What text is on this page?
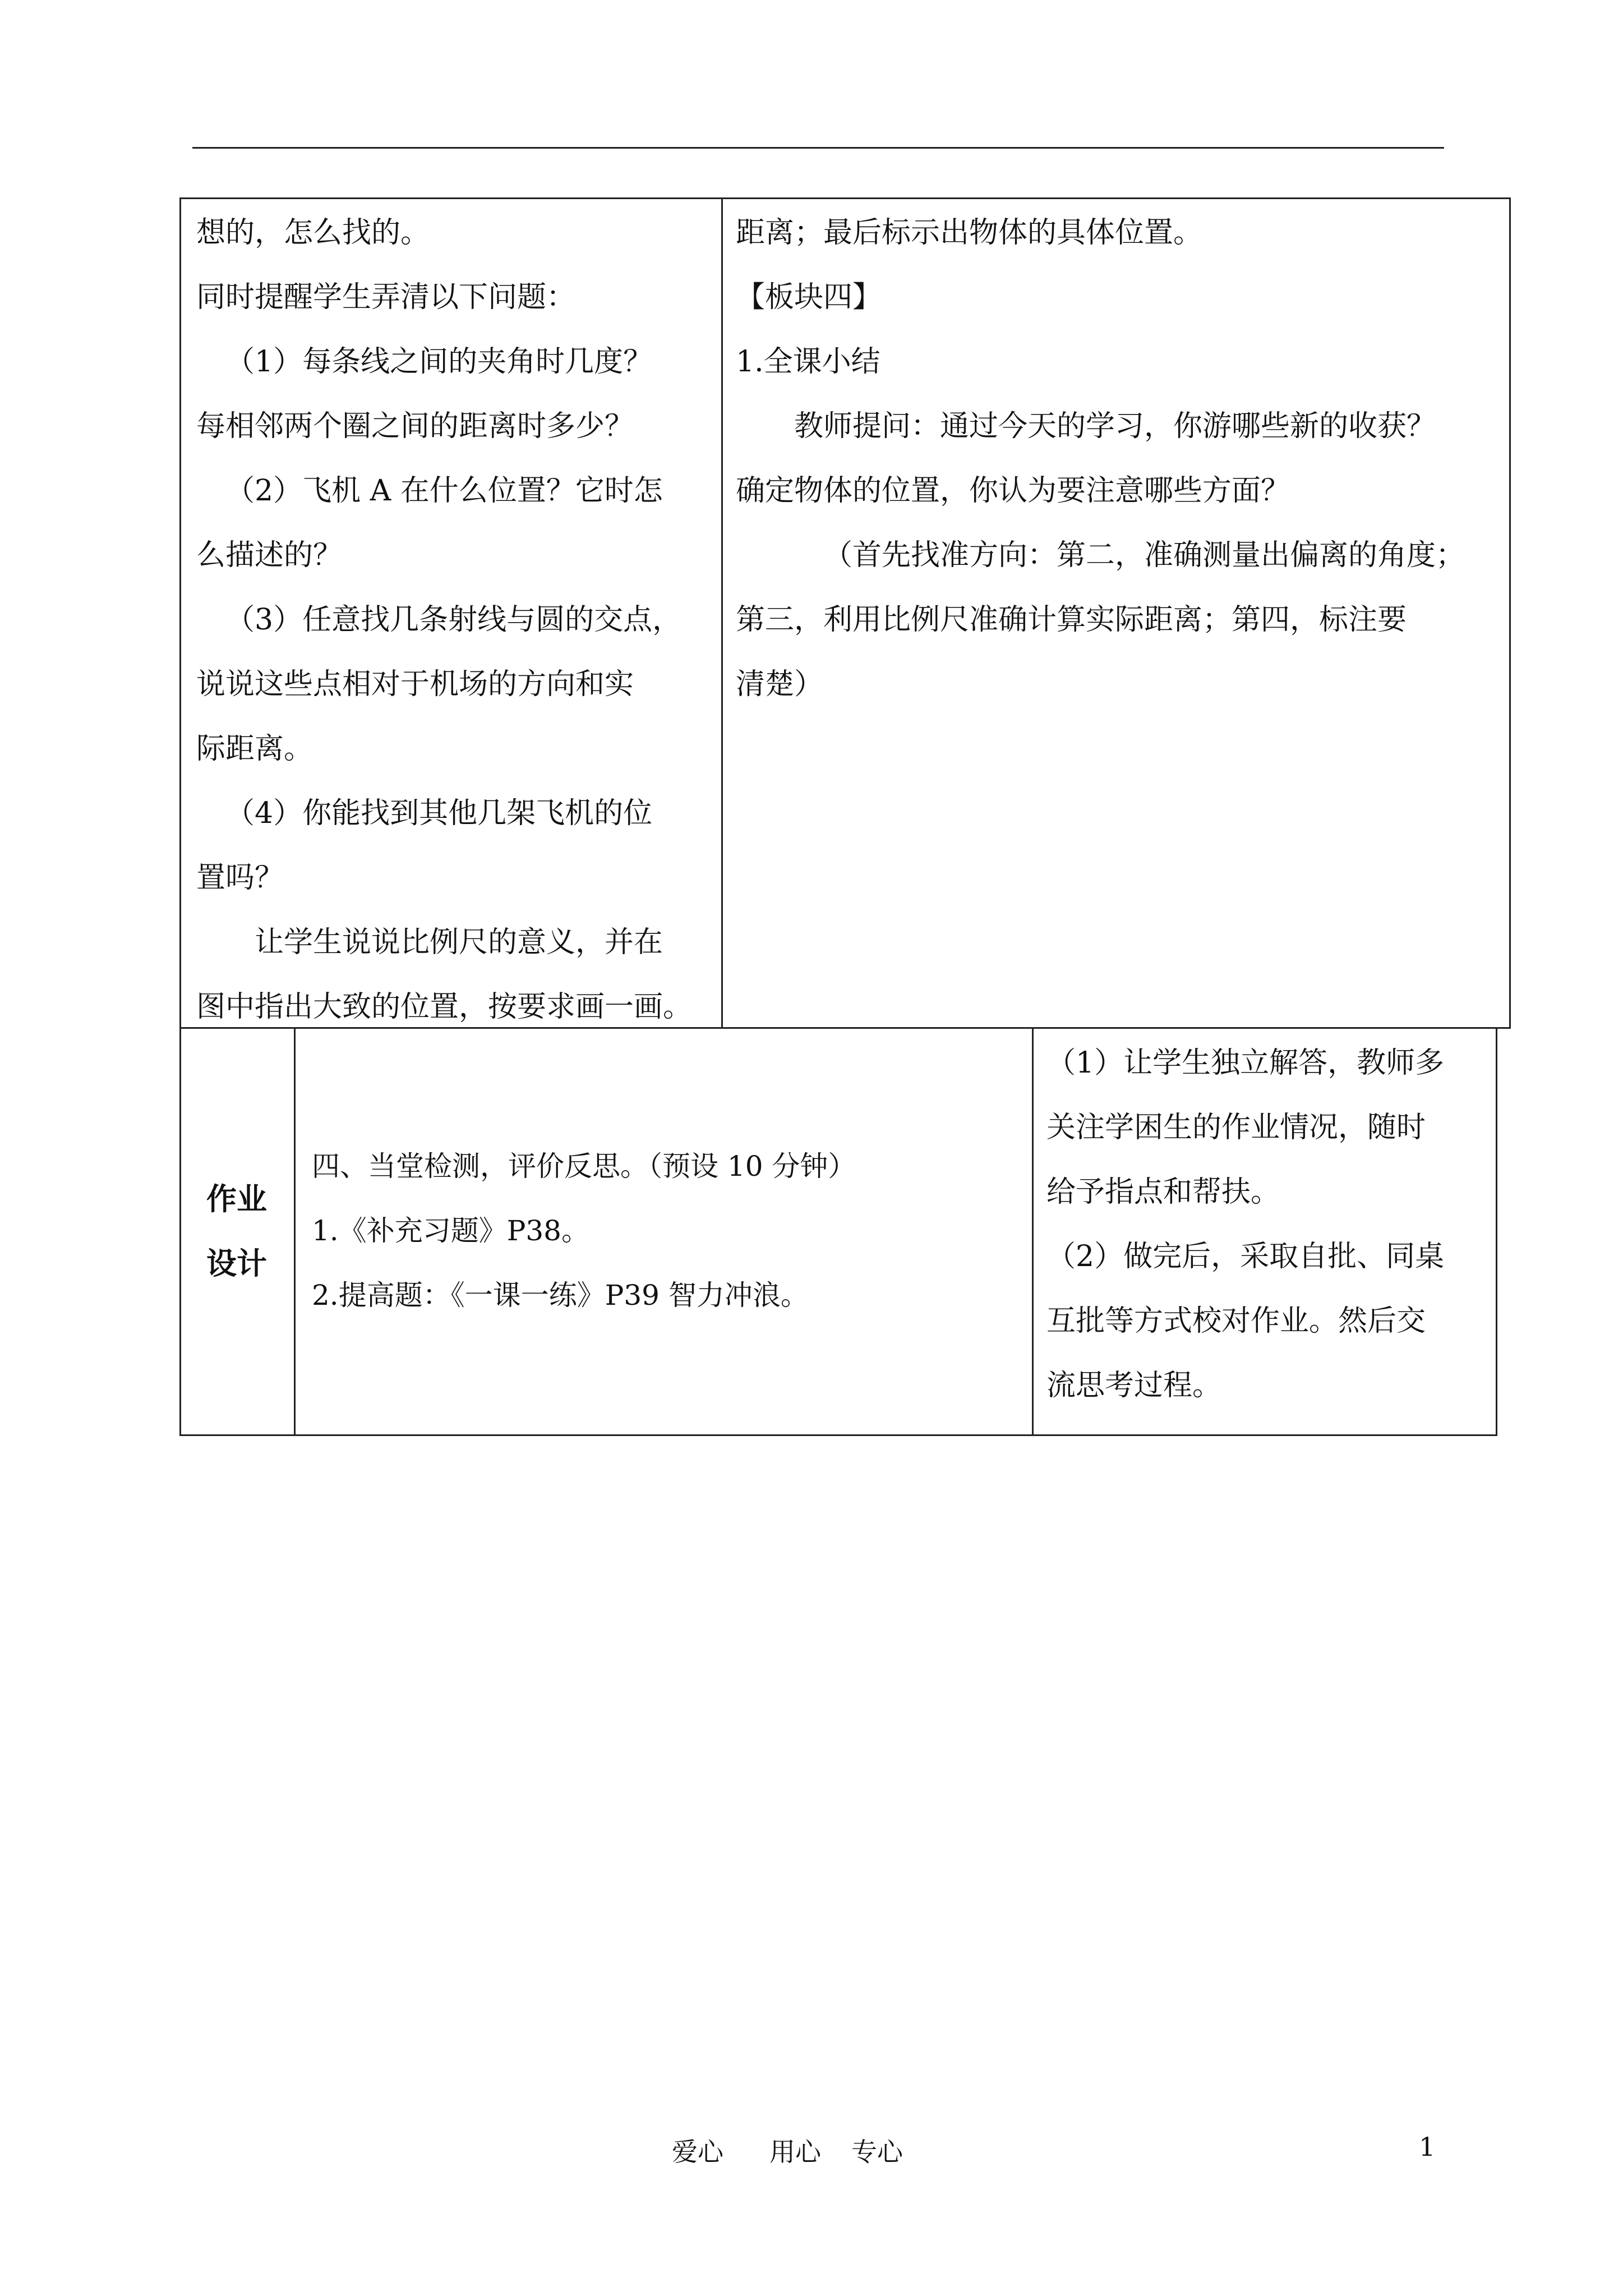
想的，怎么找的。

同时提醒学生弄清以下问题：

（1）每条线之间的夹角时几度？

每相邻两个圈之间的距离时多少？

（2）飞机 A 在什么位置？它时怎

么描述的？

（3）任意找几条射线与圆的交点，

说说这些点相对于机场的方向和实

际距离。

（4）你能找到其他几架飞机的位

置吗？

让学生说说比例尺的意义，并在

图中指出大致的位置，按要求画一画。

距离；最后标示出物体的具体位置。

【板块四】

1.全课小结

教师提问：通过今天的学习，你游哪些新的收获？

确定物体的位置，你认为要注意哪些方面？

（首先找准方向：第二，准确测量出偏离的角度；

第三，利用比例尺准确计算实际距离；第四，标注要

清楚）

作业
设计

四、当堂检测，评价反思。（预设 10 分钟）

1.《补充习题》P38。

2.提高题：《一课一练》P39 智力冲浪。

（1）让学生独立解答，教师多

关注学困生的作业情况，随时

给予指点和帮扶。

（2）做完后，采取自批、同桌

互批等方式校对作业。然后交

流思考过程。

爱心 用心 专心	1
